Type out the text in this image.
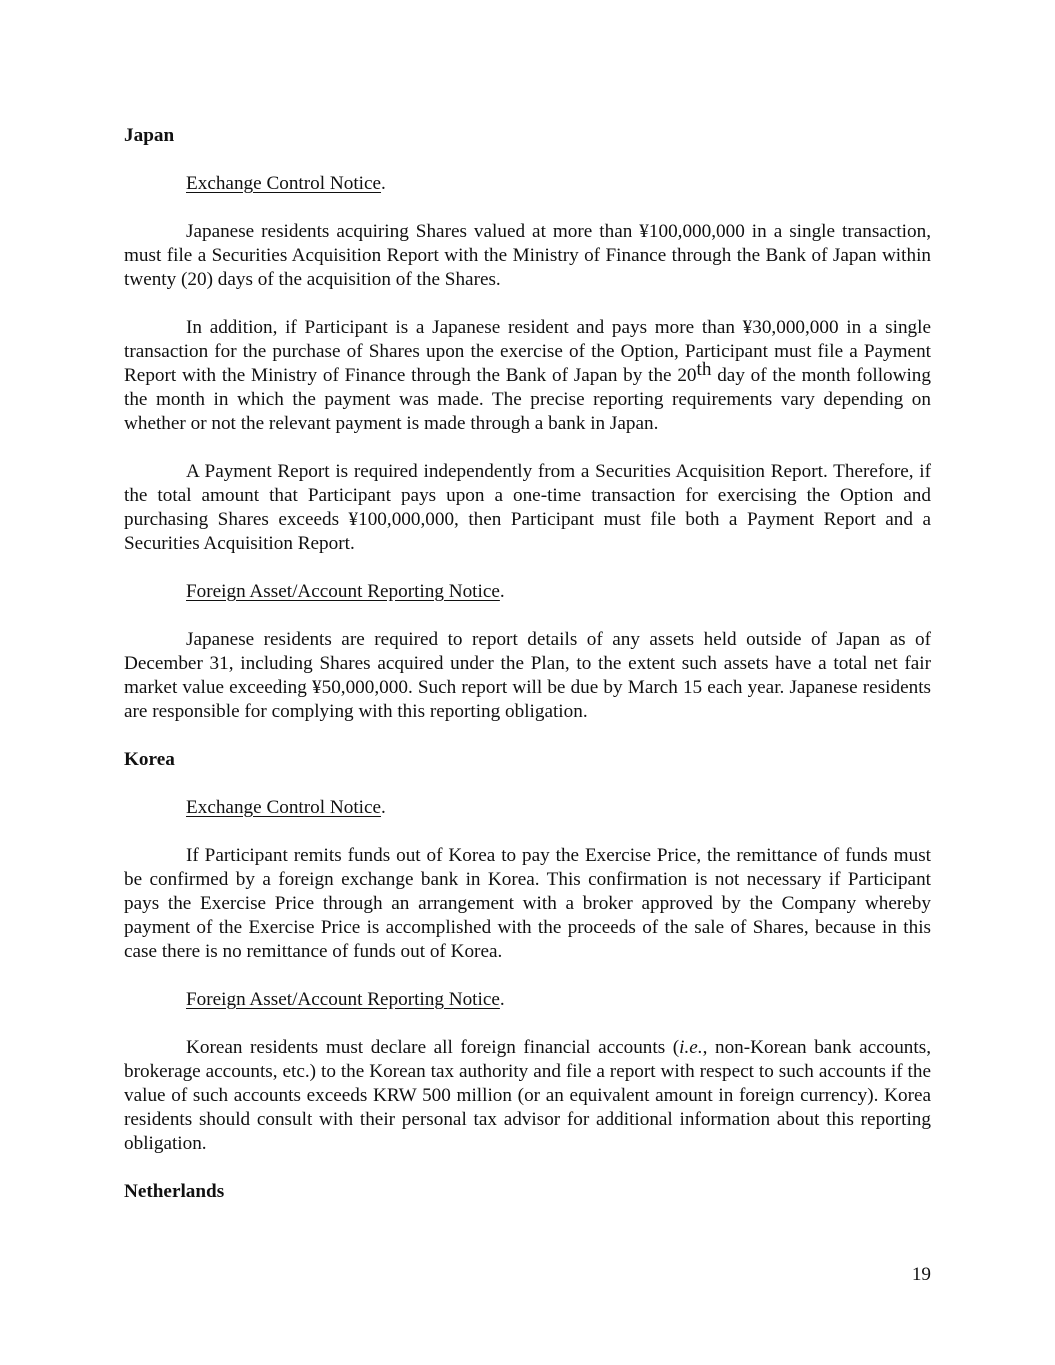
Japan
Exchange Control Notice.

Japanese residents acquiring Shares valued at more than ¥100,000,000 in a single transaction, must file a Securities Acquisition Report with the Ministry of Finance through the Bank of Japan within twenty (20) days of the acquisition of the Shares.

In addition, if Participant is a Japanese resident and pays more than ¥30,000,000 in a single transaction for the purchase of Shares upon the exercise of the Option, Participant must file a Payment Report with the Ministry of Finance through the Bank of Japan by the 20th day of the month following the month in which the payment was made. The precise reporting requirements vary depending on whether or not the relevant payment is made through a bank in Japan.

A Payment Report is required independently from a Securities Acquisition Report. Therefore, if the total amount that Participant pays upon a one-time transaction for exercising the Option and purchasing Shares exceeds ¥100,000,000, then Participant must file both a Payment Report and a Securities Acquisition Report.

Foreign Asset/Account Reporting Notice.

Japanese residents are required to report details of any assets held outside of Japan as of December 31, including Shares acquired under the Plan, to the extent such assets have a total net fair market value exceeding ¥50,000,000. Such report will be due by March 15 each year. Japanese residents are responsible for complying with this reporting obligation.

Korea
Exchange Control Notice.

If Participant remits funds out of Korea to pay the Exercise Price, the remittance of funds must be confirmed by a foreign exchange bank in Korea. This confirmation is not necessary if Participant pays the Exercise Price through an arrangement with a broker approved by the Company whereby payment of the Exercise Price is accomplished with the proceeds of the sale of Shares, because in this case there is no remittance of funds out of Korea.

Foreign Asset/Account Reporting Notice.

Korean residents must declare all foreign financial accounts (i.e., non-Korean bank accounts, brokerage accounts, etc.) to the Korean tax authority and file a report with respect to such accounts if the value of such accounts exceeds KRW 500 million (or an equivalent amount in foreign currency). Korea residents should consult with their personal tax advisor for additional information about this reporting obligation.

Netherlands
19
